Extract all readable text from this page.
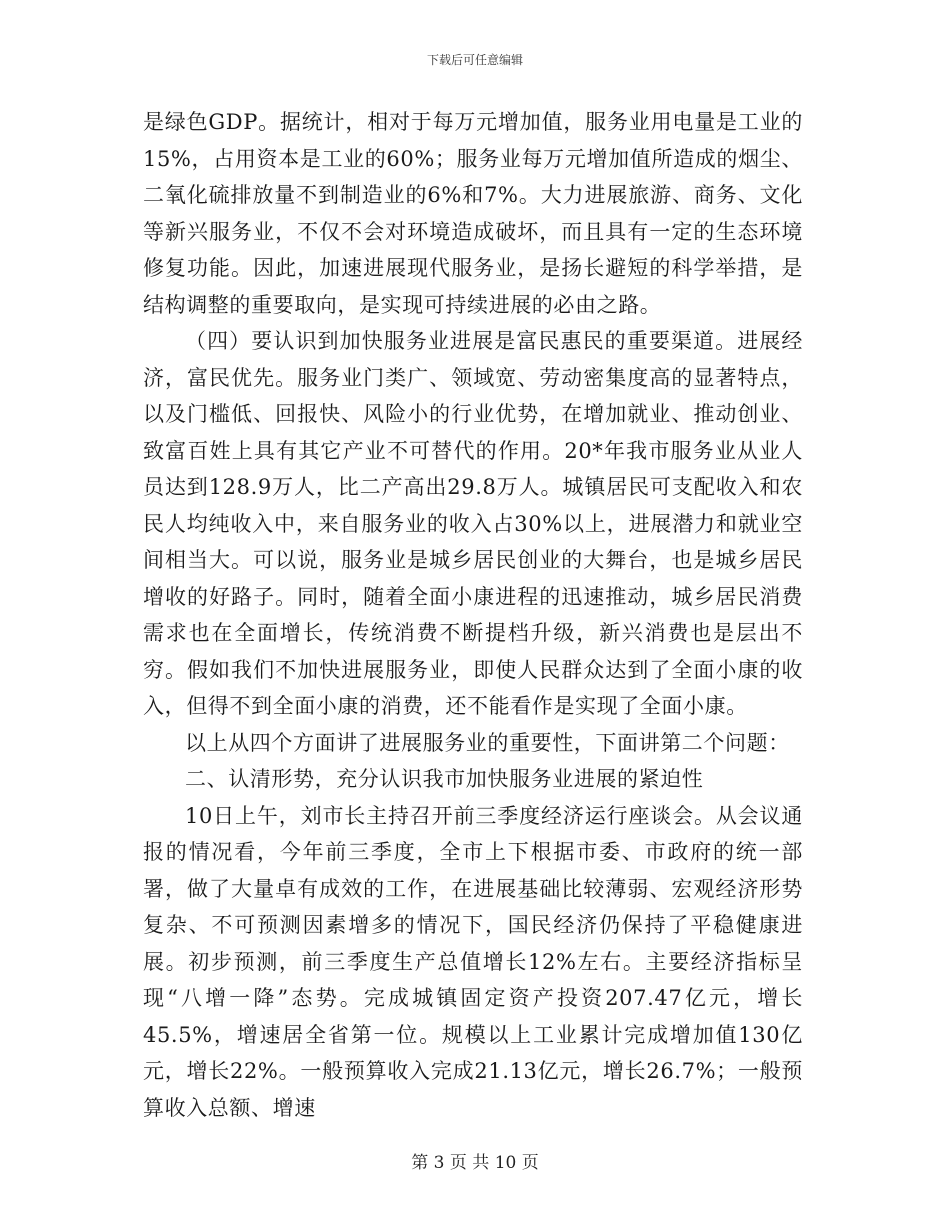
下载后可任意编辑

是绿色GDP。据统计，相对于每万元增加值，服务业用电量是工业的15%，占用资本是工业的60%；服务业每万元增加值所造成的烟尘、二氧化硫排放量不到制造业的6%和7%。大力进展旅游、商务、文化等新兴服务业，不仅不会对环境造成破坏，而且具有一定的生态环境修复功能。因此，加速进展现代服务业，是扬长避短的科学举措，是结构调整的重要取向，是实现可持续进展的必由之路。

（四）要认识到加快服务业进展是富民惠民的重要渠道。进展经济，富民优先。服务业门类广、领域宽、劳动密集度高的显著特点，以及门槛低、回报快、风险小的行业优势，在增加就业、推动创业、致富百姓上具有其它产业不可替代的作用。20*年我市服务业从业人员达到128.9万人，比二产高出29.8万人。城镇居民可支配收入和农民人均纯收入中，来自服务业的收入占30%以上，进展潜力和就业空间相当大。可以说，服务业是城乡居民创业的大舞台，也是城乡居民增收的好路子。同时，随着全面小康进程的迅速推动，城乡居民消费需求也在全面增长，传统消费不断提档升级，新兴消费也是层出不穷。假如我们不加快进展服务业，即使人民群众达到了全面小康的收入，但得不到全面小康的消费，还不能看作是实现了全面小康。

以上从四个方面讲了进展服务业的重要性，下面讲第二个问题：

二、认清形势，充分认识我市加快服务业进展的紧迫性

10日上午，刘市长主持召开前三季度经济运行座谈会。从会议通报的情况看，今年前三季度，全市上下根据市委、市政府的统一部署，做了大量卓有成效的工作，在进展基础比较薄弱、宏观经济形势复杂、不可预测因素增多的情况下，国民经济仍保持了平稳健康进展。初步预测，前三季度生产总值增长12%左右。主要经济指标呈现“八增一降”态势。完成城镇固定资产投资207.47亿元，增长45.5%，增速居全省第一位。规模以上工业累计完成增加值130亿元，增长22%。一般预算收入完成21.13亿元，增长26.7%；一般预算收入总额、增速

第 3 页 共 10 页
